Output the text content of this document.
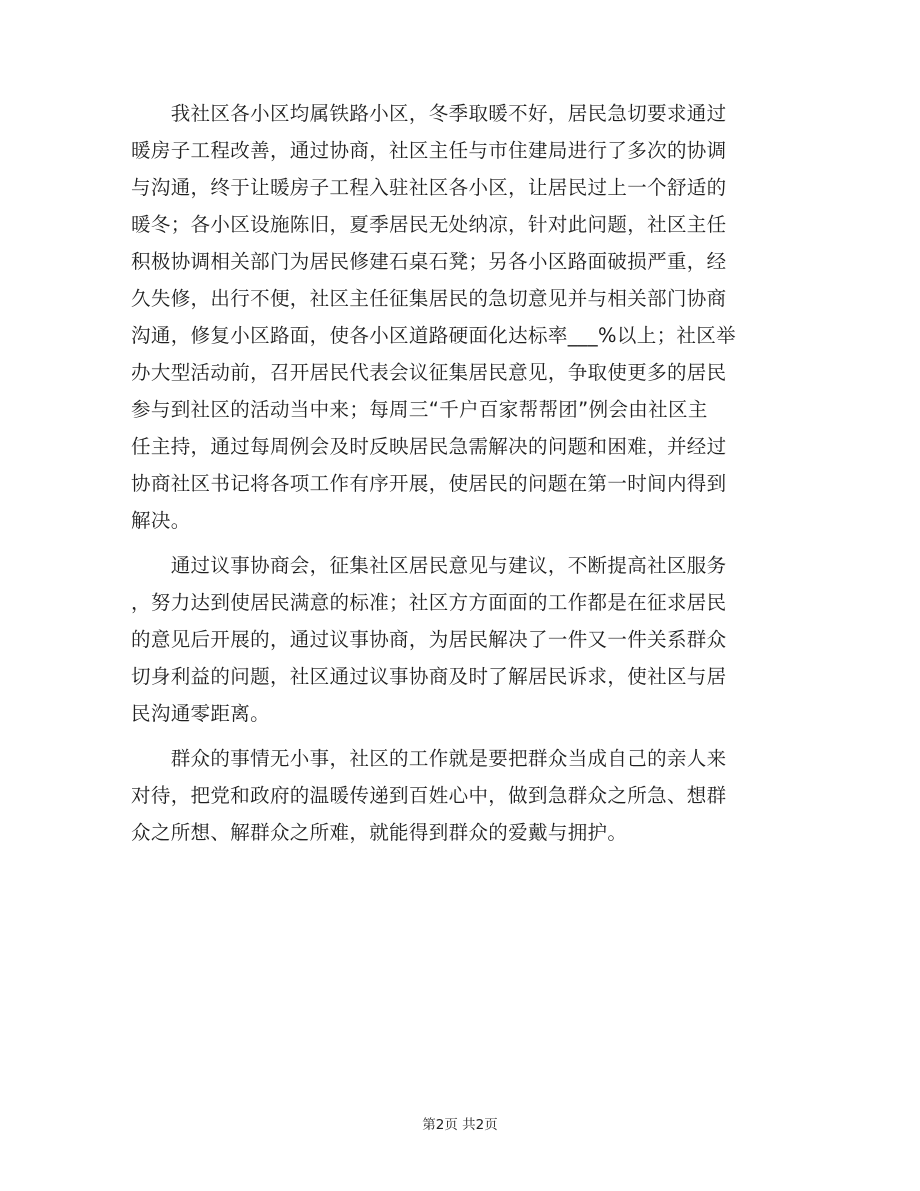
　　我社区各小区均属铁路小区，冬季取暖不好，居民急切要求通过
暖房子工程改善，通过协商，社区主任与市住建局进行了多次的协调
与沟通，终于让暖房子工程入驻社区各小区，让居民过上一个舒适的
暖冬；各小区设施陈旧，夏季居民无处纳凉，针对此问题，社区主任
积极协调相关部门为居民修建石桌石凳；另各小区路面破损严重，经
久失修，出行不便，社区主任征集居民的急切意见并与相关部门协商
沟通，修复小区路面，使各小区道路硬面化达标率___%以上；社区举
办大型活动前，召开居民代表会议征集居民意见，争取使更多的居民
参与到社区的活动当中来；每周三“千户百家帮帮团”例会由社区主
任主持，通过每周例会及时反映居民急需解决的问题和困难，并经过
协商社区书记将各项工作有序开展，使居民的问题在第一时间内得到
解决。
　　通过议事协商会，征集社区居民意见与建议，不断提高社区服务
，努力达到使居民满意的标准；社区方方面面的工作都是在征求居民
的意见后开展的，通过议事协商，为居民解决了一件又一件关系群众
切身利益的问题，社区通过议事协商及时了解居民诉求，使社区与居
民沟通零距离。
　　群众的事情无小事，社区的工作就是要把群众当成自己的亲人来
对待，把党和政府的温暖传递到百姓心中，做到急群众之所急、想群
众之所想、解群众之所难，就能得到群众的爱戴与拥护。
第2页 共2页
